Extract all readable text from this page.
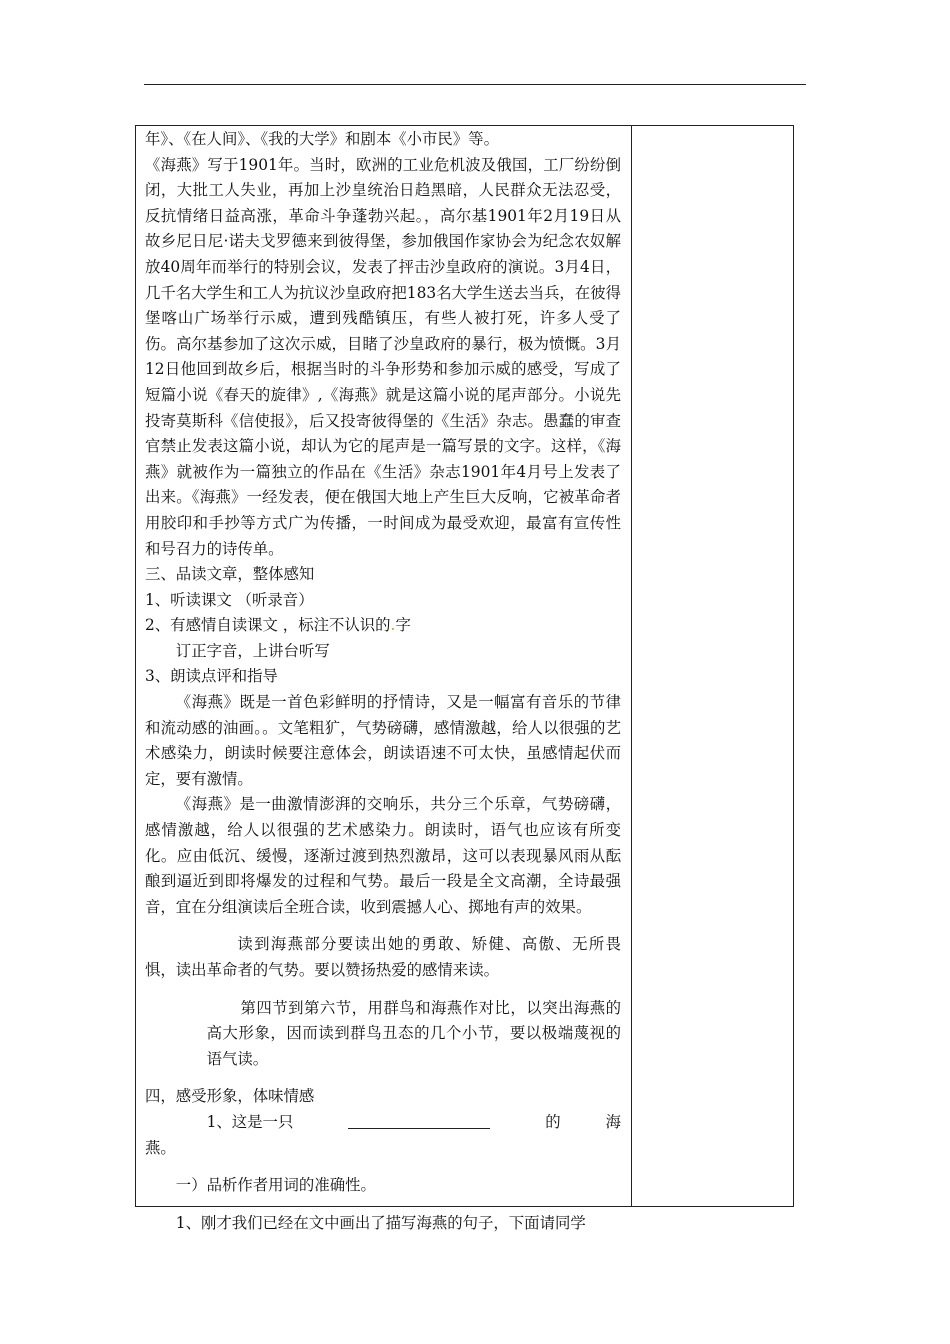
年》、《在人间》、《我的大学》和剧本《小市民》等。

《海燕》写于1901年。当时，欧洲的工业危机波及俄国，工厂纷纷倒闭，大批工人失业，再加上沙皇统治日趋黑暗，人民群众无法忍受，反抗情绪日益高涨，革命斗争蓬勃兴起。，高尔基1901年2月19日从故乡尼日尼·诺夫戈罗德来到彼得堡，参加俄国作家协会为纪念农奴解放40周年而举行的特别会议，发表了抨击沙皇政府的演说。3月4日，几千名大学生和工人为抗议沙皇政府把183名大学生送去当兵，在彼得堡喀山广场举行示威，遭到残酷镇压，有些人被打死，许多人受了伤。高尔基参加了这次示威，目睹了沙皇政府的暴行，极为愤慨。3月12日他回到故乡后，根据当时的斗争形势和参加示威的感受，写成了短篇小说《春天的旋律》,《海燕》就是这篇小说的尾声部分。小说先投寄莫斯科《信使报》，后又投寄彼得堡的《生活》杂志。愚蠢的审查官禁止发表这篇小说，却认为它的尾声是一篇写景的文字。这样，《海燕》就被作为一篇独立的作品在《生活》杂志1901年4月号上发表了出来。《海燕》一经发表，便在俄国大地上产生巨大反响，它被革命者用胶印和手抄等方式广为传播，一时间成为最受欢迎，最富有宣传性和号召力的诗传单。

三、品读文章，整体感知

1、听读课文 （听录音）

2、有感情自读课文 ，标注不认识的.字

订正字音，上讲台听写

3、朗读点评和指导

《海燕》既是一首色彩鲜明的抒情诗，又是一幅富有音乐的节律和流动感的油画。。文笔粗犷，气势磅礴，感情激越，给人以很强的艺术感染力，朗读时候要注意体会，朗读语速不可太快，虽感情起伏而定，要有激情。

《海燕》是一曲激情澎湃的交响乐，共分三个乐章，气势磅礴，感情激越，给人以很强的艺术感染力。朗读时，语气也应该有所变化。应由低沉、缓慢，逐渐过渡到热烈激昂，这可以表现暴风雨从酝酿到逼近到即将爆发的过程和气势。最后一段是全文高潮，全诗最强音，宜在分组演读后全班合读，收到震撼人心、掷地有声的效果。

读到海燕部分要读出她的勇敢、矫健、高傲、无所畏惧，读出革命者的气势。要以赞扬热爱的感情来读。

第四节到第六节，用群鸟和海燕作对比，以突出海燕的高大形象，因而读到群鸟丑态的几个小节，要以极端蔑视的语气读。

四，感受形象，体味情感

1、这是一只	的	海

燕。

一）品析作者用词的准确性。

1、刚才我们已经在文中画出了描写海燕的句子，下面请同学
